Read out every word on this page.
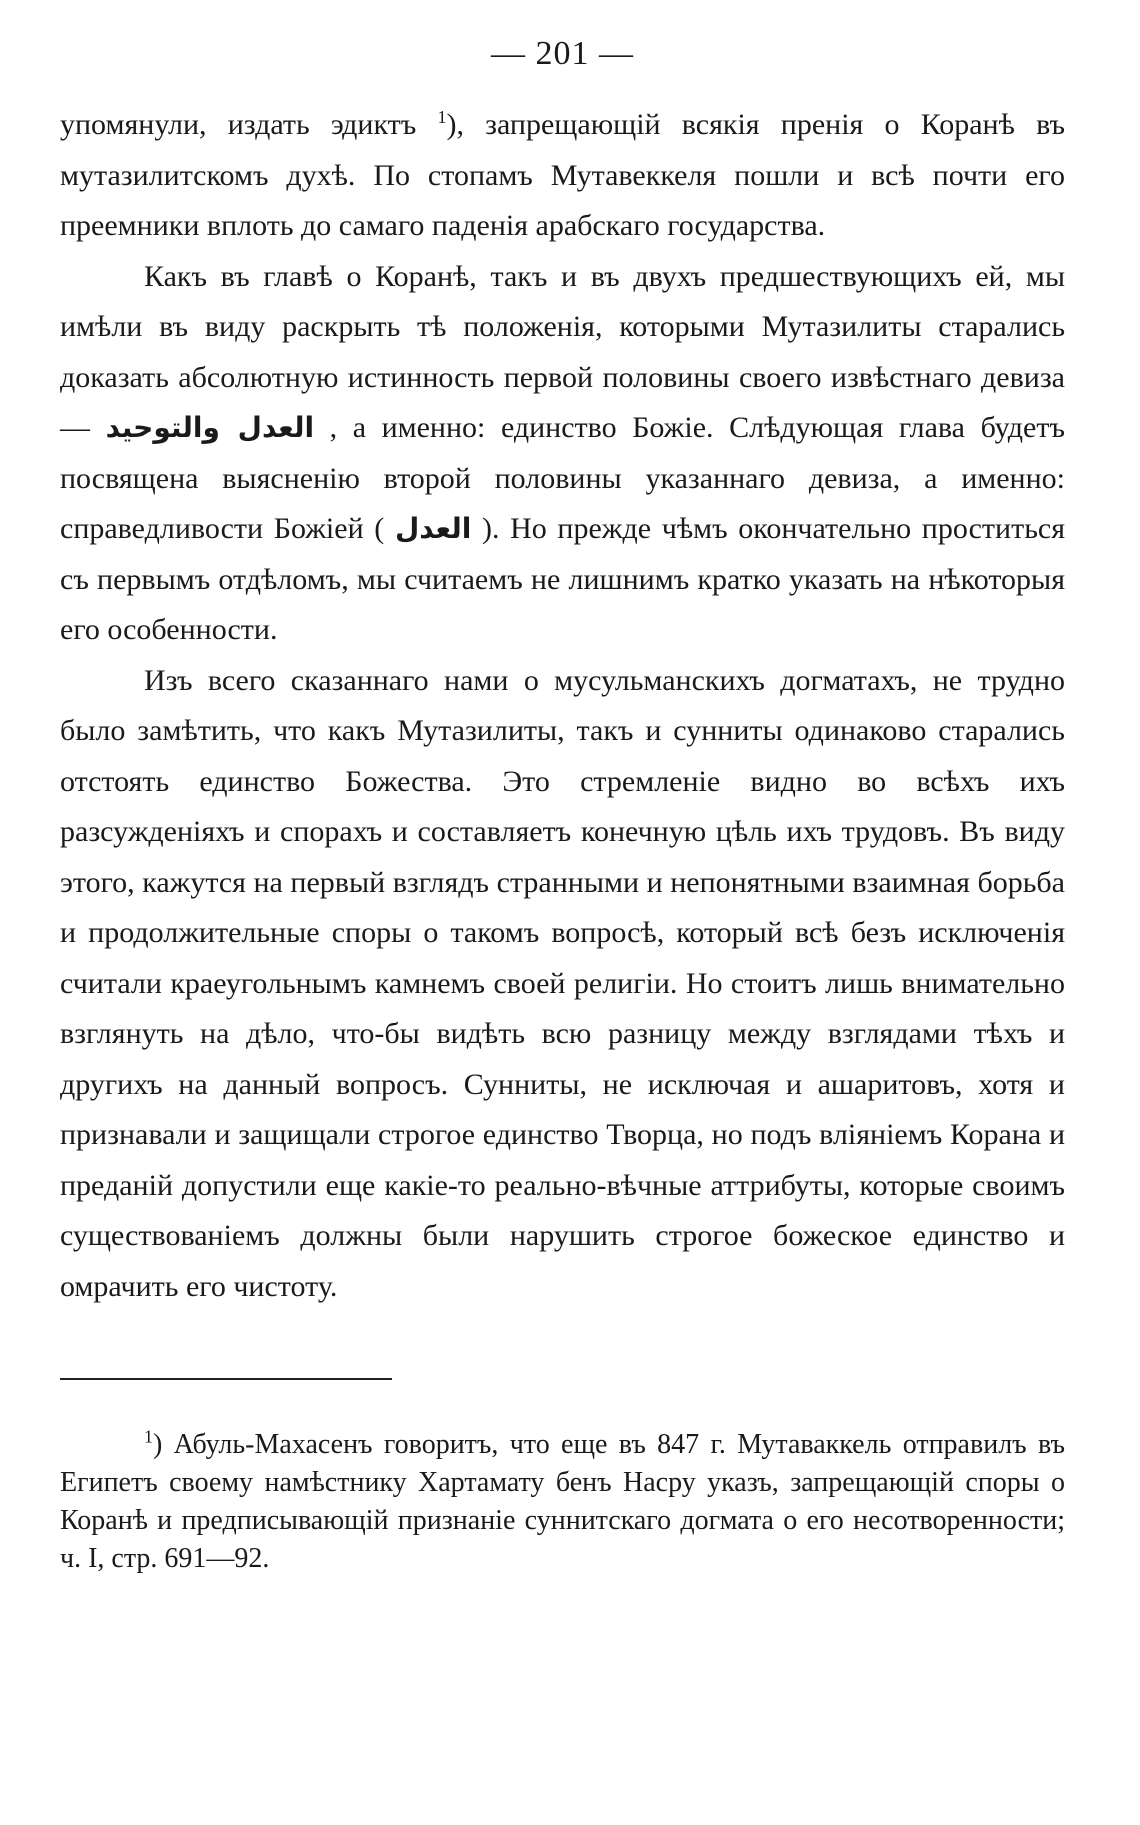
— 201 —

упомянули, издать эдиктъ $^1$), запрещающій всякія пренія о Коранѣ въ мутазилитскомъ духѣ. По стопамъ Мутавеккеля пошли и всѣ почти его преемники вплоть до самаго паденія арабскаго государства.

Какъ въ главѣ о Коранѣ, такъ и въ двухъ предшествующихъ ей, мы имѣли въ виду раскрыть тѣ положенія, которыми Мутазилиты старались доказать абсолютную истинность первой половины своего извѣстнаго девиза — العدل والتوحيد , а именно: единство Божіе. Слѣдующая глава будетъ посвящена выясненію второй половины указаннаго девиза, а именно: справедливости Божіей ( العدل ). Но прежде чѣмъ окончательно проститься съ первымъ отдѣломъ, мы считаемъ не лишнимъ кратко указать на нѣкоторыя его особенности.

Изъ всего сказаннаго нами о мусульманскихъ догматахъ, не трудно было замѣтить, что какъ Мутазилиты, такъ и сунниты одинаково старались отстоять единство Божества. Это стремленіе видно во всѣхъ ихъ разсужденіяхъ и спорахъ и составляетъ конечную цѣль ихъ трудовъ. Въ виду этого, кажутся на первый взглядъ странными и непонятными взаимная борьба и продолжительные споры о такомъ вопросѣ, который всѣ безъ исключенія считали краеугольнымъ камнемъ своей религіи. Но стоитъ лишь внимательно взглянуть на дѣло, что-бы видѣть всю разницу между взглядами тѣхъ и другихъ на данный вопросъ. Сунниты, не исключая и ашаритовъ, хотя и признавали и защищали строгое единство Творца, но подъ вліяніемъ Корана и преданій допустили еще какіе-то реально-вѣчные аттрибуты, которые своимъ существованіемъ должны были нарушить строгое божеское единство и омрачить его чистоту.

$^1$) Абуль-Махасенъ говоритъ, что еще въ 847 г. Мутаваккель отправилъ въ Египетъ своему намѣстнику Хартамату бенъ Насру указъ, запрещающій споры о Коранѣ и предписывающій признаніе суннитскаго догмата о его несотворенности; ч. I, стр. 691—92.
